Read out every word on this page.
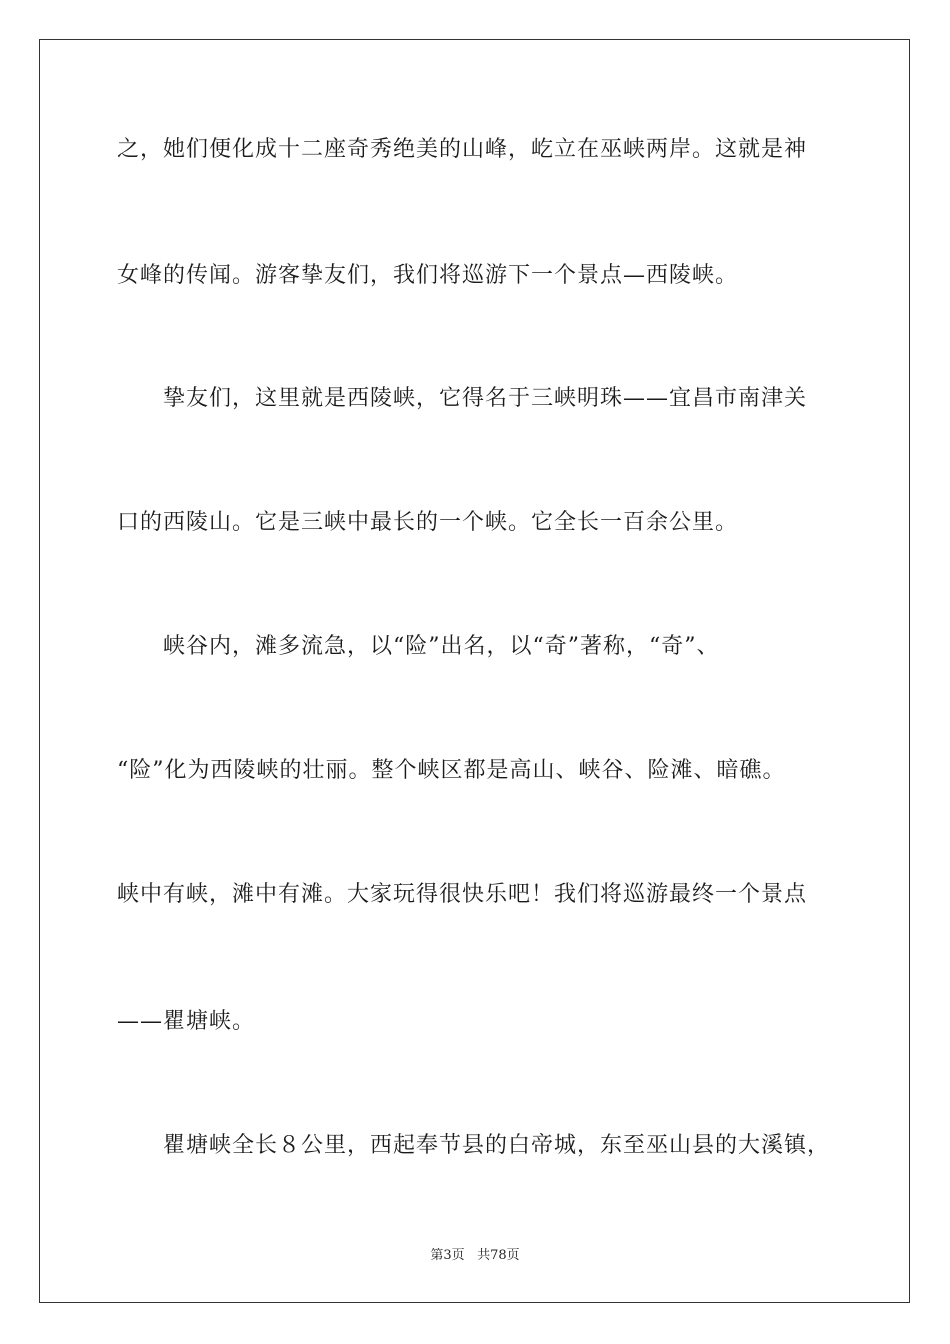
之，她们便化成十二座奇秀绝美的山峰，屹立在巫峡两岸。这就是神
女峰的传闻。游客挚友们，我们将巡游下一个景点—西陵峡。
　　挚友们，这里就是西陵峡，它得名于三峡明珠——宜昌市南津关
口的西陵山。它是三峡中最长的一个峡。它全长一百余公里。
　　峡谷内，滩多流急，以“险”出名，以“奇”著称，“奇”、
“险”化为西陵峡的壮丽。整个峡区都是高山、峡谷、险滩、暗礁。
峡中有峡，滩中有滩。大家玩得很快乐吧！我们将巡游最终一个景点
——瞿塘峡。
　　瞿塘峡全长８公里，西起奉节县的白帝城，东至巫山县的大溪镇，
第3页 共78页
